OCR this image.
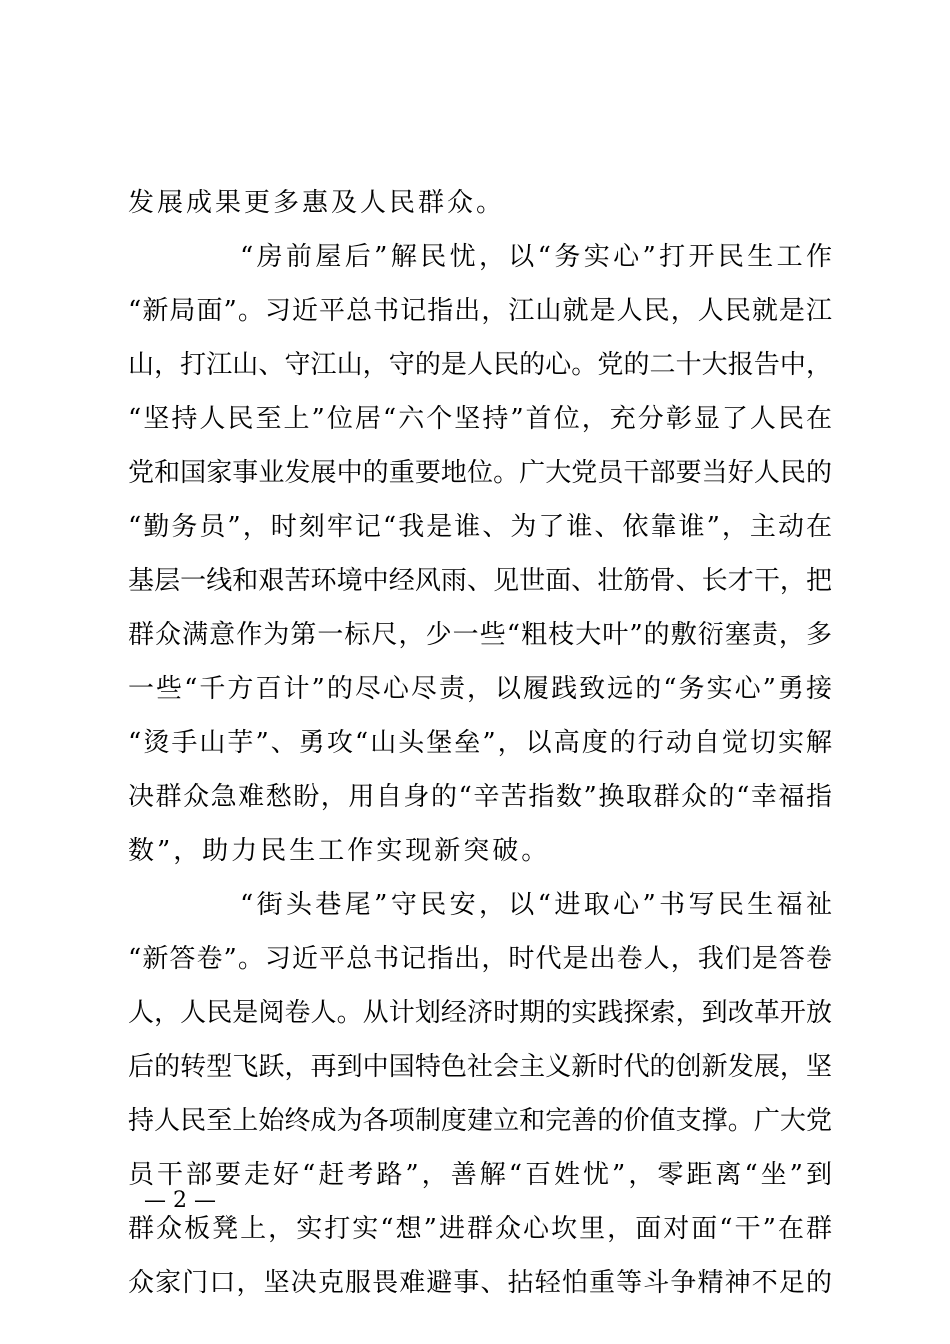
发展成果更多惠及人民群众。
“房前屋后”解民忧，以“务实心”打开民生工作
“新局面”。习近平总书记指出，江山就是人民，人民就是江
山，打江山、守江山，守的是人民的心。党的二十大报告中，
“坚持人民至上”位居“六个坚持”首位，充分彰显了人民在
党和国家事业发展中的重要地位。广大党员干部要当好人民的
“勤务员”，时刻牢记“我是谁、为了谁、依靠谁”，主动在
基层一线和艰苦环境中经风雨、见世面、壮筋骨、长才干，把
群众满意作为第一标尺，少一些“粗枝大叶”的敷衍塞责，多
一些“千方百计”的尽心尽责，以履践致远的“务实心”勇接
“烫手山芋”、勇攻“山头堡垒”，以高度的行动自觉切实解
决群众急难愁盼，用自身的“辛苦指数”换取群众的“幸福指
数”，助力民生工作实现新突破。
“街头巷尾”守民安，以“进取心”书写民生福祉
“新答卷”。习近平总书记指出，时代是出卷人，我们是答卷
人，人民是阅卷人。从计划经济时期的实践探索，到改革开放
后的转型飞跃，再到中国特色社会主义新时代的创新发展，坚
持人民至上始终成为各项制度建立和完善的价值支撑。广大党
员干部要走好“赶考路”，善解“百姓忧”，零距离“坐”到
群众板凳上，实打实“想”进群众心坎里，面对面“干”在群
众家门口，坚决克服畏难避事、拈轻怕重等斗争精神不足的
— 2 —
